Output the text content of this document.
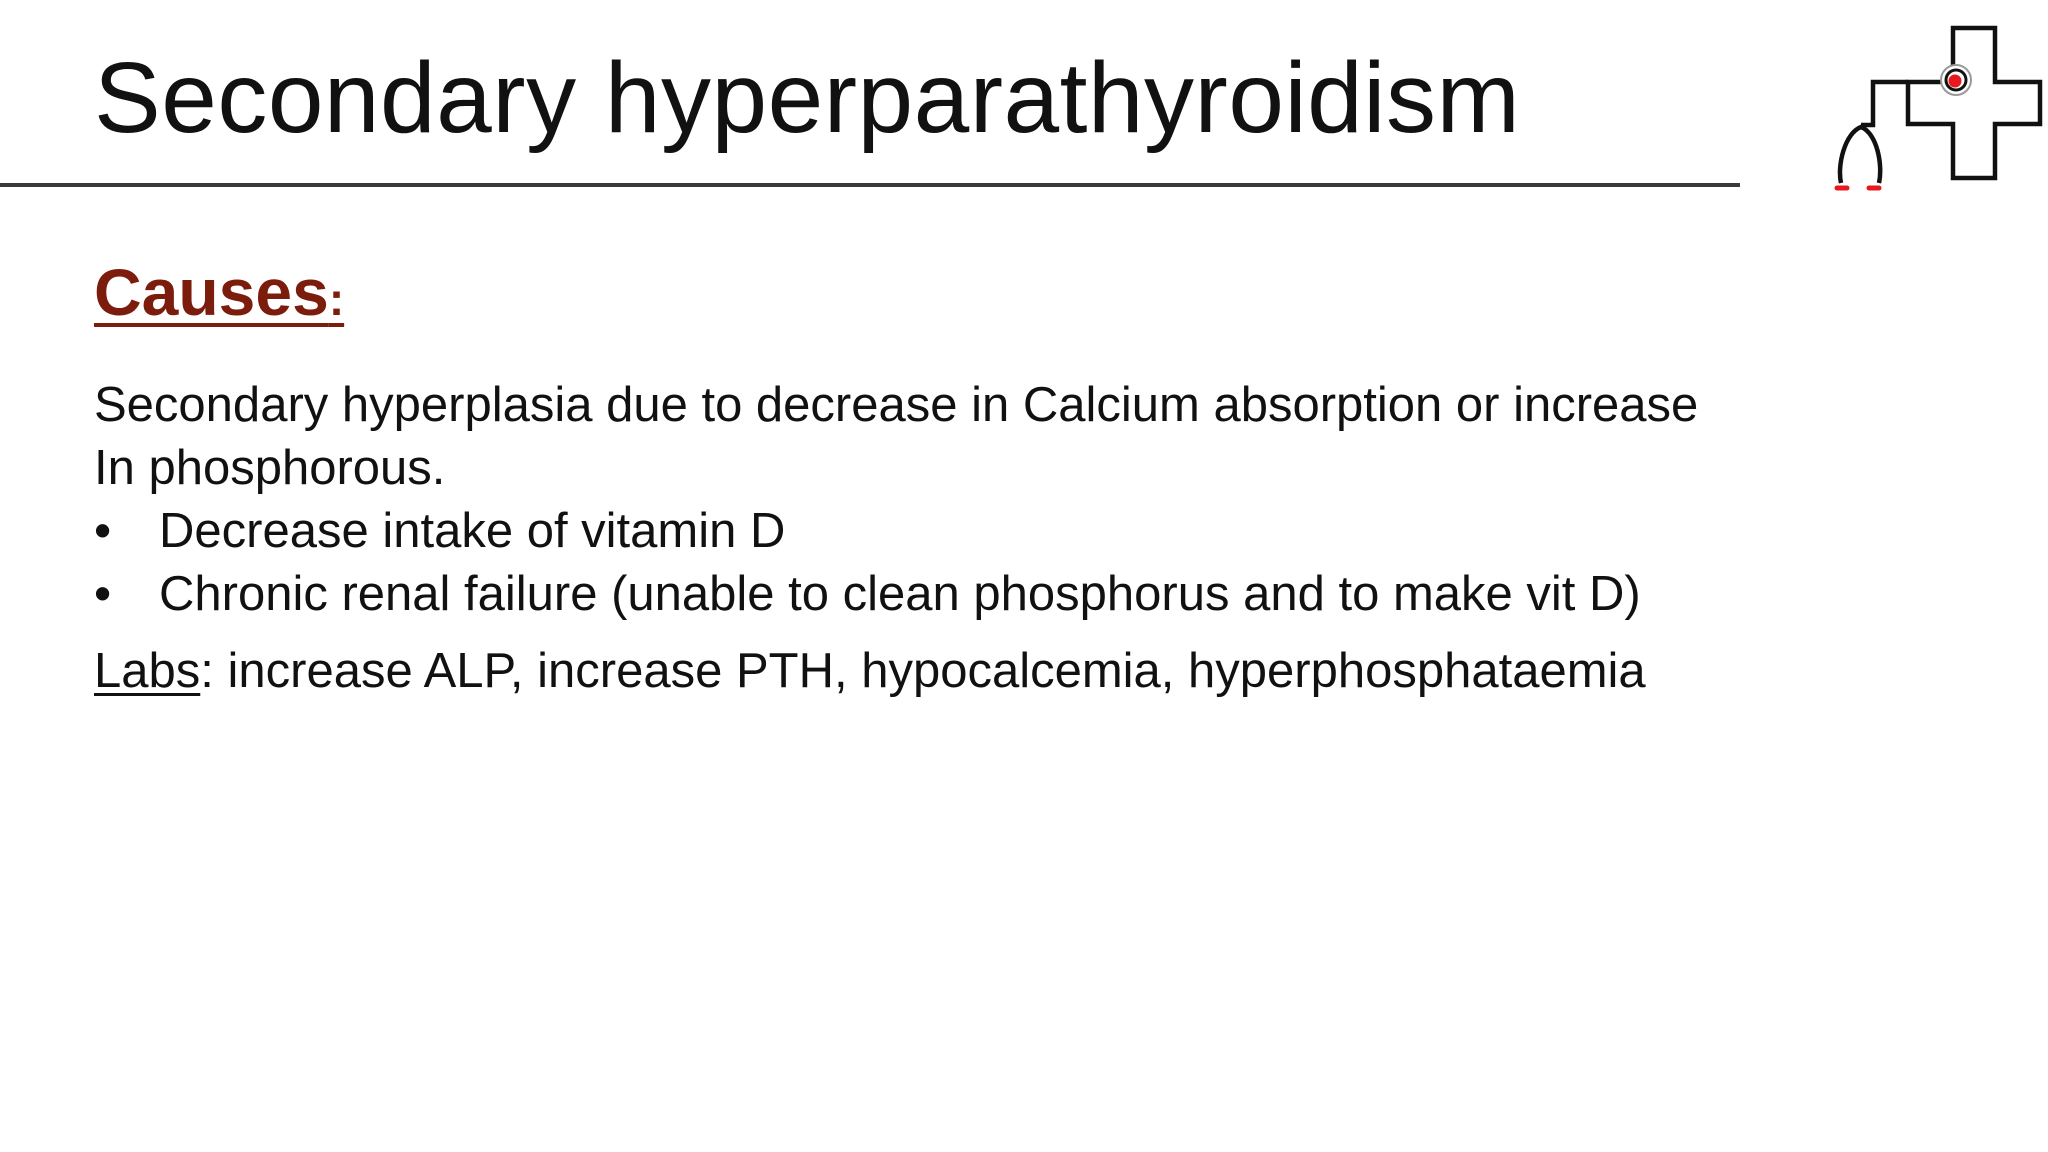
Secondary hyperparathyroidism
Causes:

Secondary hyperplasia due to decrease in Calcium absorption or increase

In phosphorous.

• Decrease intake of vitamin D
• Chronic renal failure (unable to clean phosphorus and to make vit D)
Labs: increase ALP, increase PTH, hypocalcemia, hyperphosphataemia
